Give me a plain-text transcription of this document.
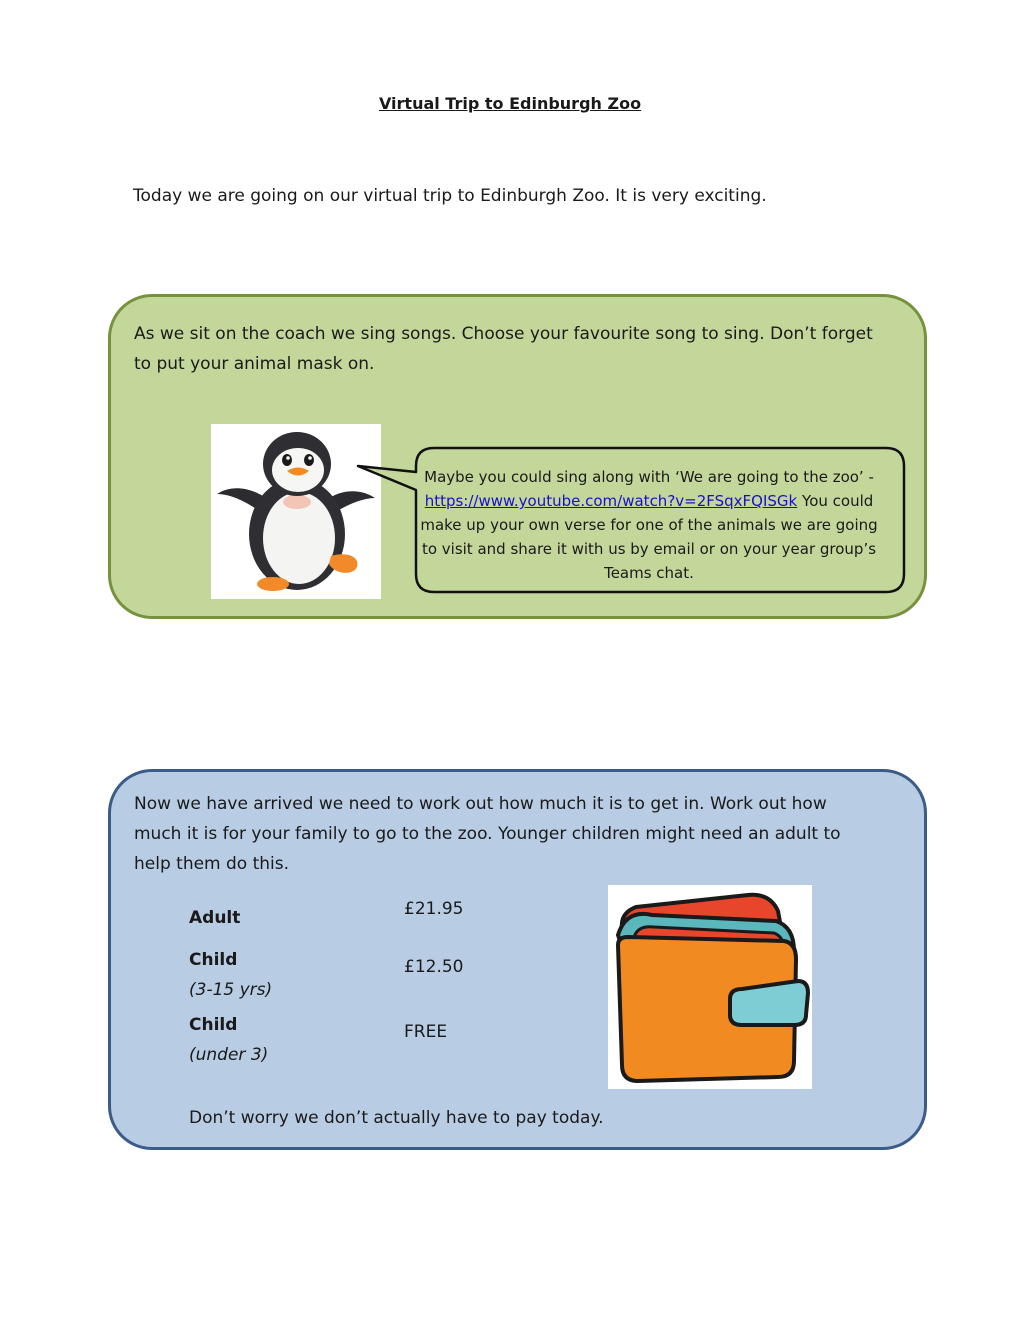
Virtual Trip to Edinburgh Zoo
Today we are going on our virtual trip to Edinburgh Zoo. It is very exciting.
As we sit on the coach we sing songs. Choose your favourite song to sing. Don’t forget to put your animal mask on.
Maybe you could sing along with ‘We are going to the zoo’ - https://www.youtube.com/watch?v=2FSqxFQISGk You could make up your own verse for one of the animals we are going to visit and share it with us by email or on your year group’s Teams chat.
Now we have arrived we need to work out how much it is to get in. Work out how much it is for your family to go to the zoo. Younger children might need an adult to help them do this.
Adult	£21.95
Child
(3-15 yrs)
£12.50
Child
(under 3)
FREE
Don’t worry we don’t actually have to pay today.
